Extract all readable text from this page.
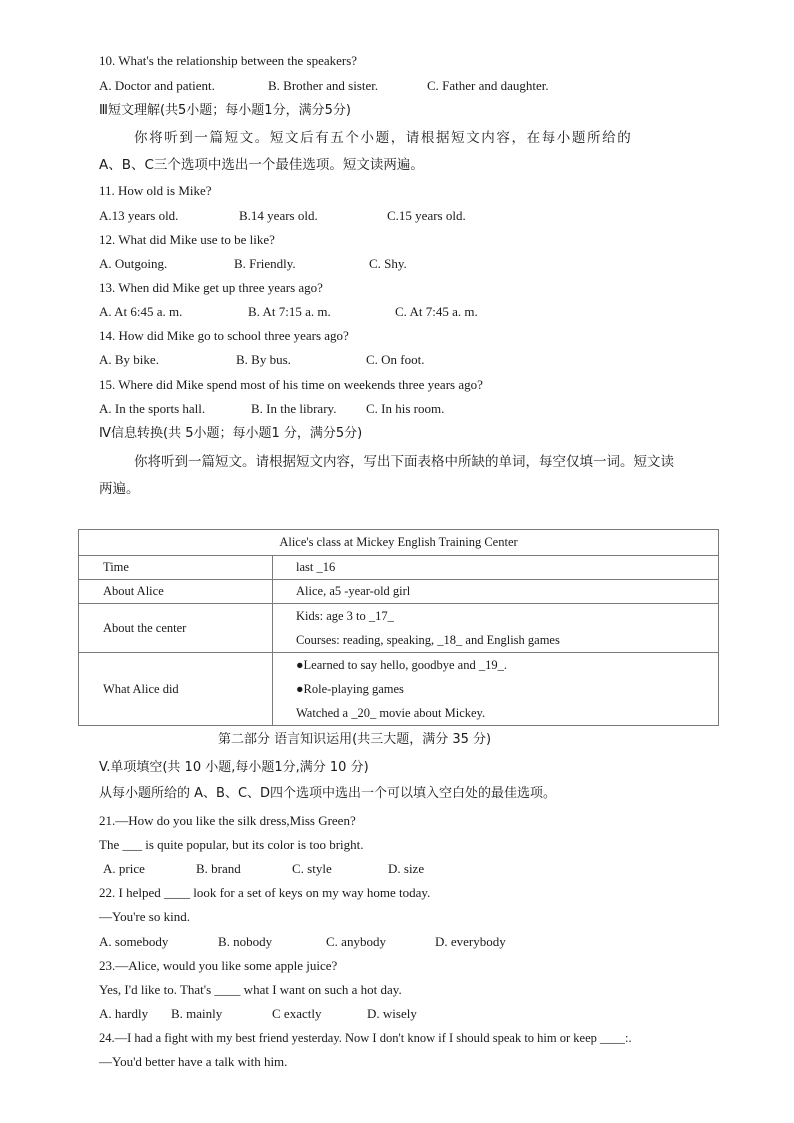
10. What's the relationship between the speakers?
A. Doctor and patient.	B. Brother and sister.	C. Father and daughter.
Ⅲ短文理解(共5小题；每小题1分，满分5分)
你将听到一篇短文。短文后有五个小题，请根据短文内容，在每小题所给的
A、B、C三个选项中选出一个最佳选项。短文读两遍。
11. How old is Mike?
A.13 years old.	B.14 years old.	C.15 years old.
12. What did Mike use to be like?
A. Outgoing.	B. Friendly.	C. Shy.
13. When did Mike get up three years ago?
A. At 6:45 a. m.	B. At 7:15 a. m.	C. At 7:45 a. m.
14. How did Mike go to school three years ago?
A. By bike.	B. By bus.	C. On foot.
15. Where did Mike spend most of his time on weekends three years ago?
A. In the sports hall.	B. In the library. C. In his room.
Ⅳ信息转换(共 5小题；每小题1 分，满分5分)
你将听到一篇短文。请根据短文内容，写出下面表格中所缺的单词，每空仅填一词。短文读
两遍。
Alice's class at Mickey English Training Center	
Time	last _16
About Alice	Alice, a5 -year-old girl
About the center	Kids: age 3 to _17_
Courses: reading, speaking, _18_ and English games

What Alice did	●Learned to say hello, goodbye and _19_.
●Role-playing games
Watched a _20_ movie about Mickey.
第二部分 语言知识运用(共三大题，满分 35 分)
V.单项填空(共 10 小题,每小题1分,满分 10 分)
从每小题所给的 A、B、C、D四个选项中选出一个可以填入空白处的最佳选项。
21.—How do you like the silk dress,Miss Green?
The ___ is quite popular, but its color is too bright.
A. price	B. brand	C. style	D. size
22. I helped ____ look for a set of keys on my way home today.
—You're so kind.
A. somebody	B. nobody	C. anybody	D. everybody
23.—Alice, would you like some apple juice?
Yes, I'd like to. That's ____ what I want on such a hot day.
A. hardly B. mainly	C exactly	D. wisely
24.—I had a fight with my best friend yesterday. Now I don't know if I should speak to him or keep ____:.
—You'd better have a talk with him.
